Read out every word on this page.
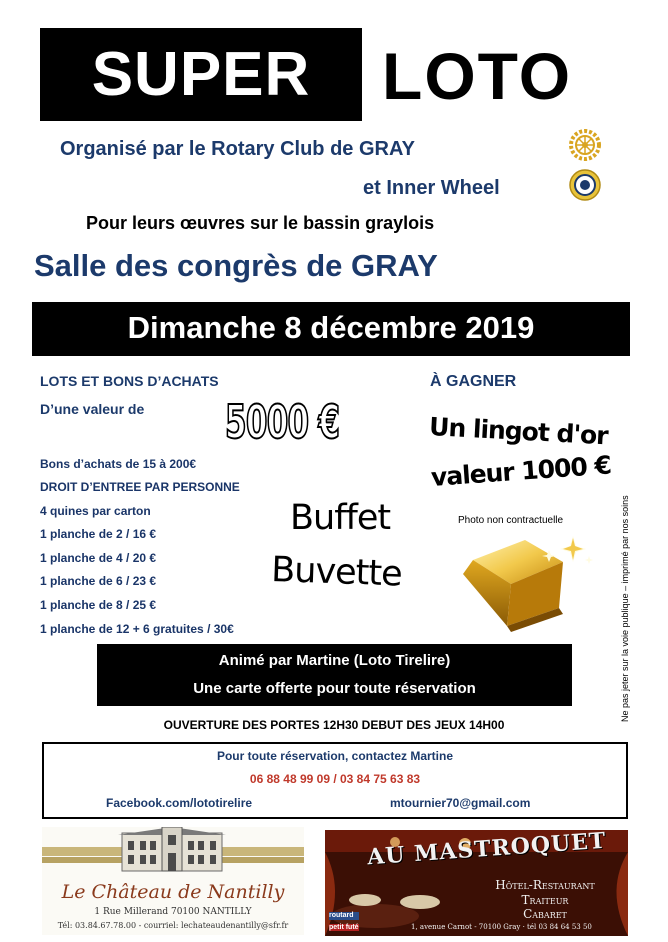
SUPER	LOTO
Organisé par le Rotary Club de GRAY
et Inner Wheel
Pour leurs œuvres sur le bassin graylois
Salle des congrès de GRAY
Dimanche 8 décembre 2019
LOTS ET BONS D’ACHATS
D’une valeur de 5000 €
À GAGNER
Un lingot d'or
valeur 1000 €
Photo non contractuelle
Bons d’achats de 15 à 200€
DROIT D’ENTREE PAR PERSONNE
4 quines par carton
1 planche de 2 / 16 €
1 planche de 4 / 20 €
1 planche de 6 / 23 €
1 planche de 8 / 25 €
1 planche de 12 + 6 gratuites / 30€
Buffet
Buvette	Ne pas jeter sur la voie publique – imprimé par nos soins
Animé par Martine (Loto Tirelire)
Une carte offerte pour toute réservation
OUVERTURE DES PORTES 12H30 DEBUT DES JEUX 14H00
Pour toute réservation, contactez Martine
06 88 48 99 09 / 03 84 75 63 83
Facebook.com/lototirelire	mtournier70@gmail.com
Le Château de Nantilly
1 Rue Millerand 70100 NANTILLY
Tél: 03.84.67.78.00 - courriel: lechateaudenantilly@sfr.fr
AU MASTROQUET
Hôtel-Restaurant
Traiteur
Cabaret
1, avenue Carnot - 70100 Gray · tél 03 84 64 53 50
routard
petit futé
